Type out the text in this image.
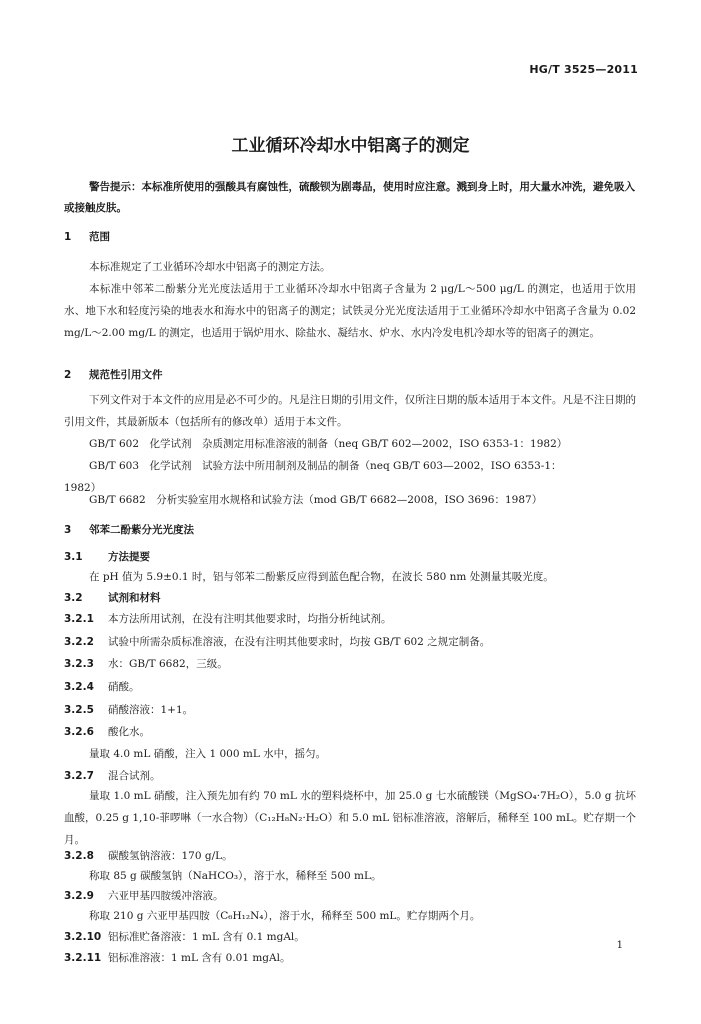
HG/T 3525—2011
工业循环冷却水中铝离子的测定

警告提示：本标准所使用的强酸具有腐蚀性，硫酸钡为剧毒品，使用时应注意。溅到身上时，用大量水冲洗，避免吸入或接触皮肤。

1 范围

本标准规定了工业循环冷却水中铝离子的测定方法。

本标准中邻苯二酚紫分光光度法适用于工业循环冷却水中铝离子含量为 2 μg/L～500 μg/L 的测定，也适用于饮用水、地下水和轻度污染的地表水和海水中的铝离子的测定；试铁灵分光光度法适用于工业循环冷却水中铝离子含量为 0.02 mg/L～2.00 mg/L 的测定，也适用于锅炉用水、除盐水、凝结水、炉水、水内冷发电机冷却水等的铝离子的测定。

2 规范性引用文件

下列文件对于本文件的应用是必不可少的。凡是注日期的引用文件，仅所注日期的版本适用于本文件。凡是不注日期的引用文件，其最新版本（包括所有的修改单）适用于本文件。

GB/T 602　化学试剂　杂质测定用标准溶液的制备（neq GB/T 602—2002，ISO 6353-1：1982）
GB/T 603　化学试剂　试验方法中所用制剂及制品的制备（neq GB/T 603—2002，ISO 6353-1：
1982）
GB/T 6682　分析实验室用水规格和试验方法（mod GB/T 6682—2008，ISO 3696：1987）
3 邻苯二酚紫分光光度法
3.1 方法提要
在 pH 值为 5.9±0.1 时，铝与邻苯二酚紫反应得到蓝色配合物，在波长 580 nm 处测量其吸光度。
3.2 试剂和材料
3.2.1 本方法所用试剂，在没有注明其他要求时，均指分析纯试剂。
3.2.2 试验中所需杂质标准溶液，在没有注明其他要求时，均按 GB/T 602 之规定制备。
3.2.3 水：GB/T 6682，三级。
3.2.4 硝酸。
3.2.5 硝酸溶液：1+1。
3.2.6 酸化水。
量取 4.0 mL 硝酸，注入 1 000 mL 水中，摇匀。
3.2.7 混合试剂。

量取 1.0 mL 硝酸，注入预先加有约 70 mL 水的塑料烧杯中，加 25.0 g 七水硫酸镁（MgSO₄·7H₂O），5.0 g 抗坏血酸，0.25 g 1,10-菲啰啉（一水合物）（C₁₂H₈N₂·H₂O）和 5.0 mL 铝标准溶液，溶解后，稀释至 100 mL。贮存期一个月。

3.2.8 碳酸氢钠溶液：170 g/L。
称取 85 g 碳酸氢钠（NaHCO₃），溶于水，稀释至 500 mL。
3.2.9 六亚甲基四胺缓冲溶液。
称取 210 g 六亚甲基四胺（C₆H₁₂N₄），溶于水，稀释至 500 mL。贮存期两个月。
3.2.10 铝标准贮备溶液：1 mL 含有 0.1 mgAl。
3.2.11 铝标准溶液：1 mL 含有 0.01 mgAl。
1
